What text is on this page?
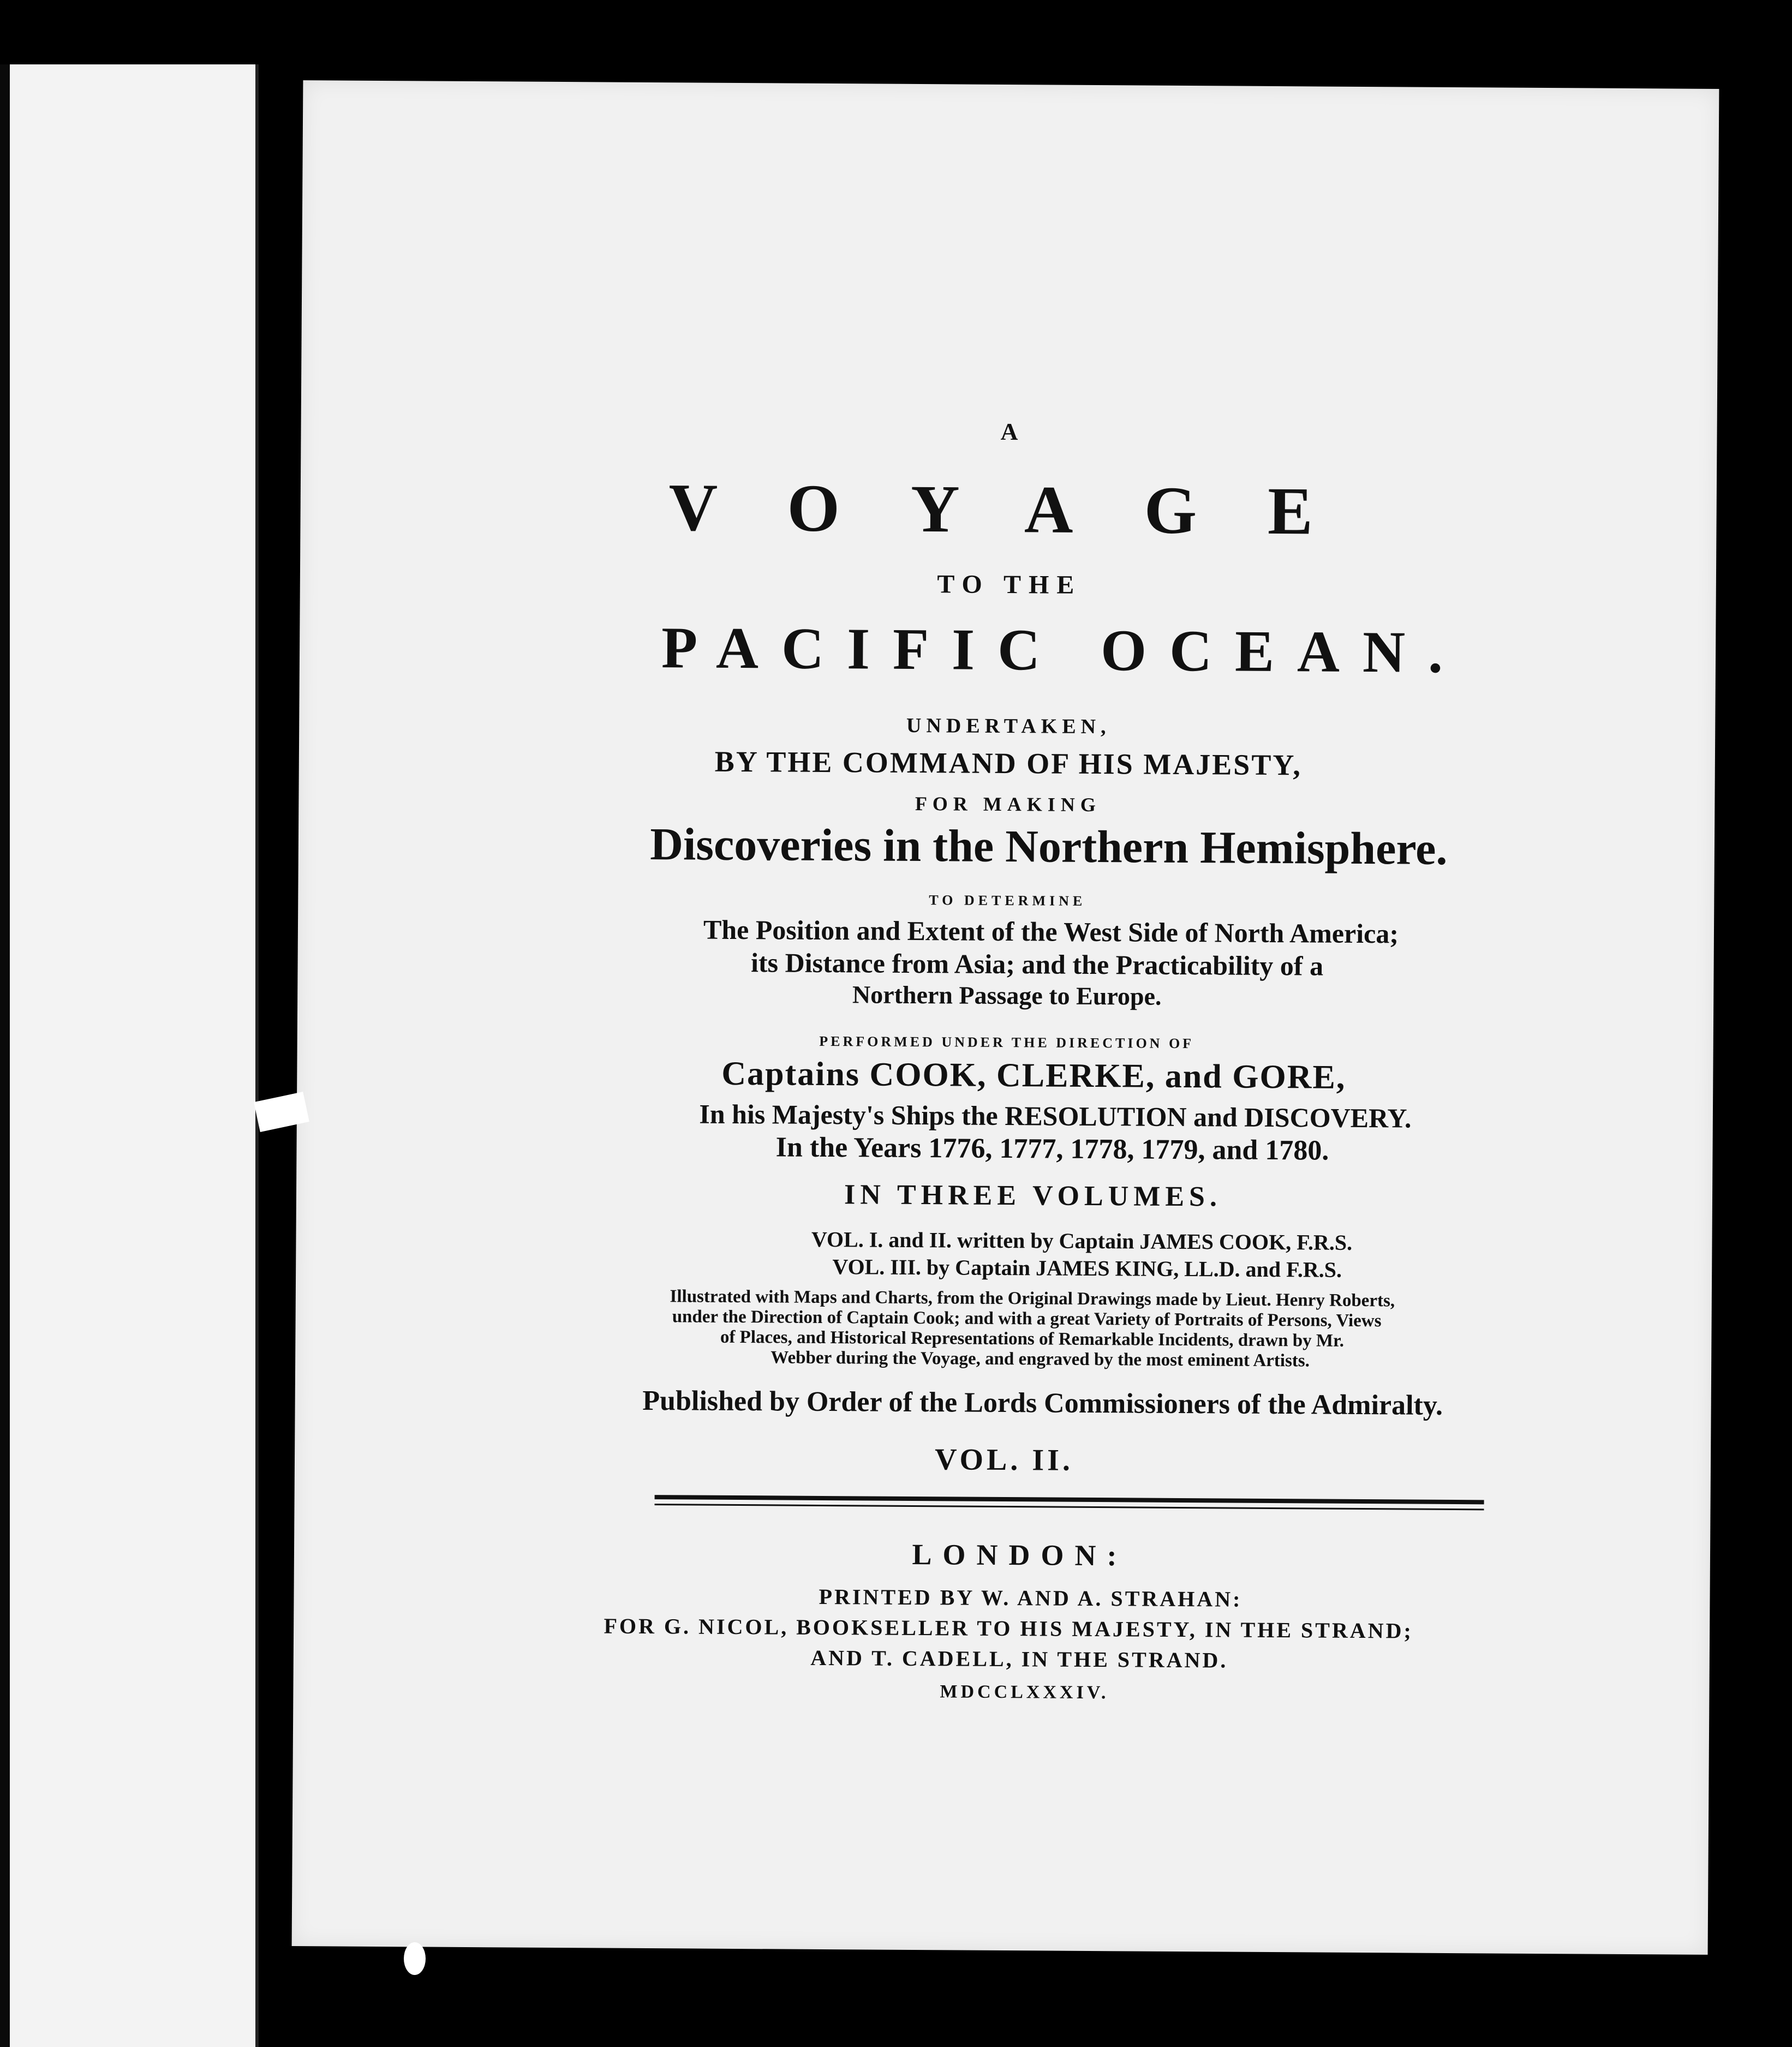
A
VOYAGE
TO THE
PACIFIC OCEAN.
UNDERTAKEN,
BY THE COMMAND OF HIS MAJESTY,
FOR MAKING
Discoveries in the Northern Hemisphere.
TO DETERMINE
The Position and Extent of the West Side of North America;
its Distance from Asia; and the Practicability of a
Northern Passage to Europe.
PERFORMED UNDER THE DIRECTION OF
Captains COOK, CLERKE, and GORE,
In his Majesty's Ships the RESOLUTION and DISCOVERY.
In the Years 1776, 1777, 1778, 1779, and 1780.
IN THREE VOLUMES.
VOL. I. and II. written by Captain JAMES COOK, F.R.S.
VOL. III. by Captain JAMES KING, LL.D. and F.R.S.
Illustrated with Maps and Charts, from the Original Drawings made by Lieut. Henry Roberts,
under the Direction of Captain Cook; and with a great Variety of Portraits of Persons, Views
of Places, and Historical Representations of Remarkable Incidents, drawn by Mr.
Webber during the Voyage, and engraved by the most eminent Artists.
Published by Order of the Lords Commissioners of the Admiralty.
VOL. II.
LONDON:
PRINTED BY W. AND A. STRAHAN:
FOR G. NICOL, BOOKSELLER TO HIS MAJESTY, IN THE STRAND;
AND T. CADELL, IN THE STRAND.
MDCCLXXXIV.
